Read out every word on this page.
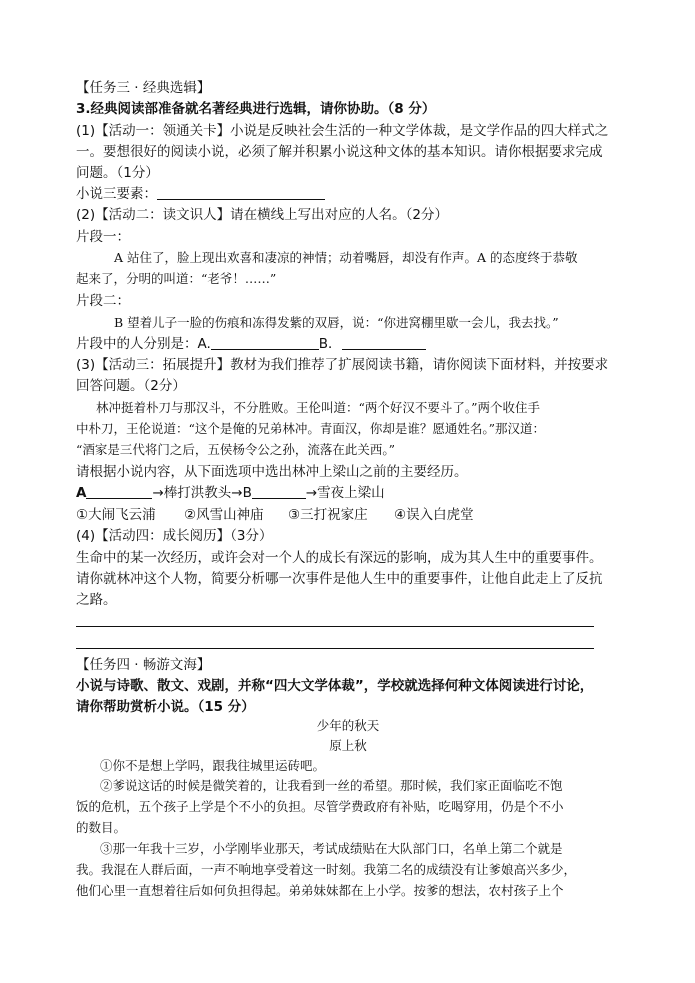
【任务三 · 经典选辑】
3.经典阅读部准备就名著经典进行选辑，请你协助。（8 分）
(1)【活动一：领通关卡】小说是反映社会生活的一种文学体裁，是文学作品的四大样式之
一。要想很好的阅读小说，必须了解并积累小说这种文体的基本知识。请你根据要求完成
问题。（1分）
小说三要素：
(2)【活动二：读文识人】请在横线上写出对应的人名。（2分）
片段一：
A 站住了，脸上现出欢喜和凄凉的神情；动着嘴唇，却没有作声。A 的态度终于恭敬
起来了，分明的叫道：“老爷！……”
片段二：
B 望着儿子一脸的伤痕和冻得发紫的双唇，说：“你进窝棚里歇一会儿，我去找。”
片段中的人分别是：A.	B．
(3)【活动三：拓展提升】教材为我们推荐了扩展阅读书籍，请你阅读下面材料，并按要求
回答问题。（2分）
林冲挺着朴刀与那汉斗，不分胜败。王伦叫道：“两个好汉不要斗了。”两个收住手
中朴刀，王伦说道：“这个是俺的兄弟林冲。青面汉，你却是谁？愿通姓名。”那汉道：
“酒家是三代将门之后，五侯杨令公之孙，流落在此关西。”
请根据小说内容，从下面选项中选出林冲上梁山之前的主要经历。
A	→棒打洪教头→B	→雪夜上梁山
①大闹飞云浦 ②风雪山神庙 ③三打祝家庄 ④误入白虎堂
(4)【活动四：成长阅历】（3分）
生命中的某一次经历，或许会对一个人的成长有深远的影响，成为其人生中的重要事件。
请你就林冲这个人物，简要分析哪一次事件是他人生中的重要事件，让他自此走上了反抗
之路。
【任务四 · 畅游文海】
小说与诗歌、散文、戏剧，并称“四大文学体裁”，学校就选择何种文体阅读进行讨论，
请你帮助赏析小说。（15 分）
少年的秋天
原上秋
①你不是想上学吗，跟我往城里运砖吧。
②爹说这话的时候是微笑着的，让我看到一丝的希望。那时候，我们家正面临吃不饱
饭的危机，五个孩子上学是个不小的负担。尽管学费政府有补贴，吃喝穿用，仍是个不小
的数目。
③那一年我十三岁，小学刚毕业那天，考试成绩贴在大队部门口，名单上第二个就是
我。我混在人群后面，一声不响地享受着这一时刻。我第二名的成绩没有让爹娘高兴多少，
他们心里一直想着往后如何负担得起。弟弟妹妹都在上小学。按爹的想法，农村孩子上个
